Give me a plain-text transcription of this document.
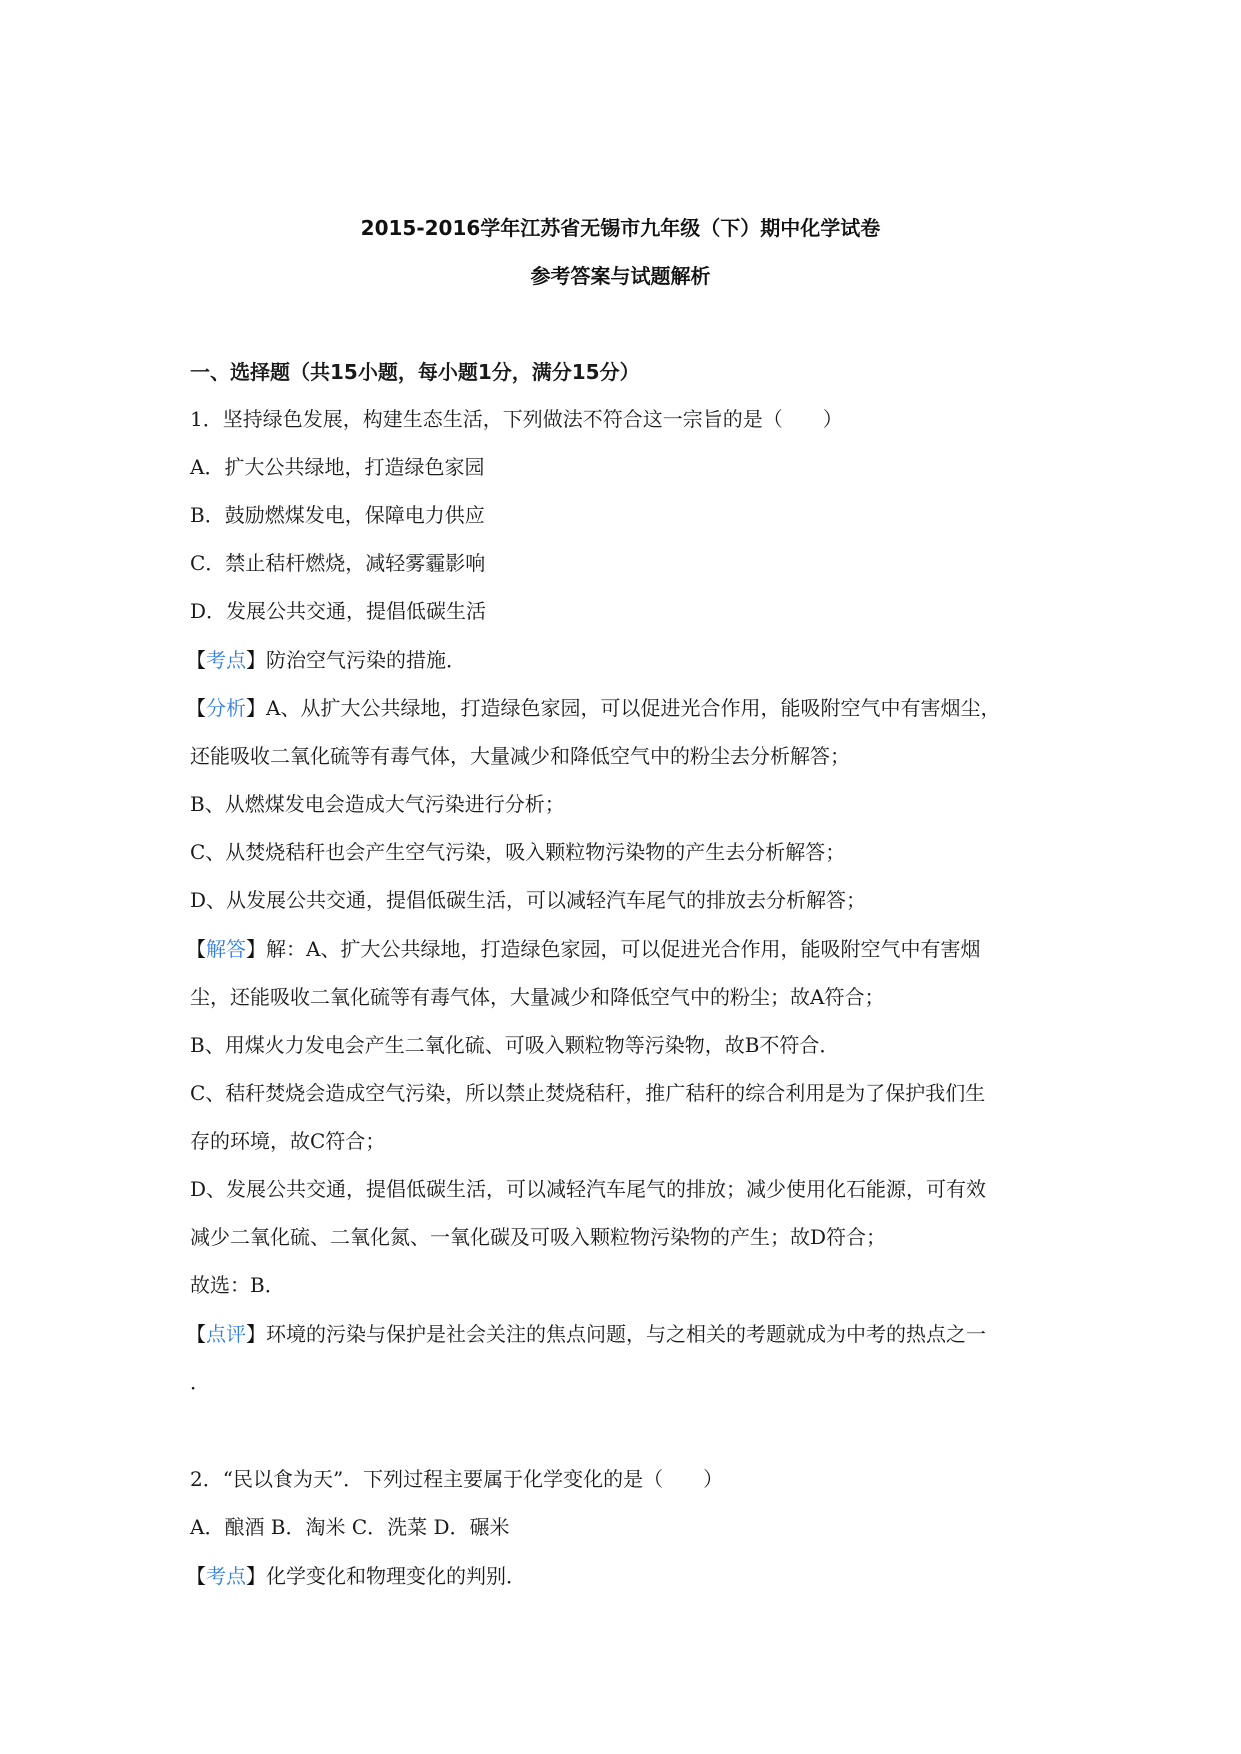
2015-2016学年江苏省无锡市九年级（下）期中化学试卷
参考答案与试题解析
一、选择题（共15小题，每小题1分，满分15分）
1．坚持绿色发展，构建生态生活，下列做法不符合这一宗旨的是（　　）
A．扩大公共绿地，打造绿色家园
B．鼓励燃煤发电，保障电力供应
C．禁止秸杆燃烧，减轻雾霾影响
D．发展公共交通，提倡低碳生活
【考点】防治空气污染的措施．
【分析】A、从扩大公共绿地，打造绿色家园，可以促进光合作用，能吸附空气中有害烟尘，
还能吸收二氧化硫等有毒气体，大量减少和降低空气中的粉尘去分析解答；
B、从燃煤发电会造成大气污染进行分析；
C、从焚烧秸秆也会产生空气污染，吸入颗粒物污染物的产生去分析解答；
D、从发展公共交通，提倡低碳生活，可以减轻汽车尾气的排放去分析解答；
【解答】解：A、扩大公共绿地，打造绿色家园，可以促进光合作用，能吸附空气中有害烟
尘，还能吸收二氧化硫等有毒气体，大量减少和降低空气中的粉尘；故A符合；
B、用煤火力发电会产生二氧化硫、可吸入颗粒物等污染物，故B不符合．
C、秸秆焚烧会造成空气污染，所以禁止焚烧秸秆，推广秸秆的综合利用是为了保护我们生
存的环境，故C符合；
D、发展公共交通，提倡低碳生活，可以减轻汽车尾气的排放；减少使用化石能源，可有效
减少二氧化硫、二氧化氮、一氧化碳及可吸入颗粒物污染物的产生；故D符合；
故选：B．
【点评】环境的污染与保护是社会关注的焦点问题，与之相关的考题就成为中考的热点之一
．
2．“民以食为天”．下列过程主要属于化学变化的是（　　）
A．酿酒 B．淘米 C．洗菜 D．碾米
【考点】化学变化和物理变化的判别．
